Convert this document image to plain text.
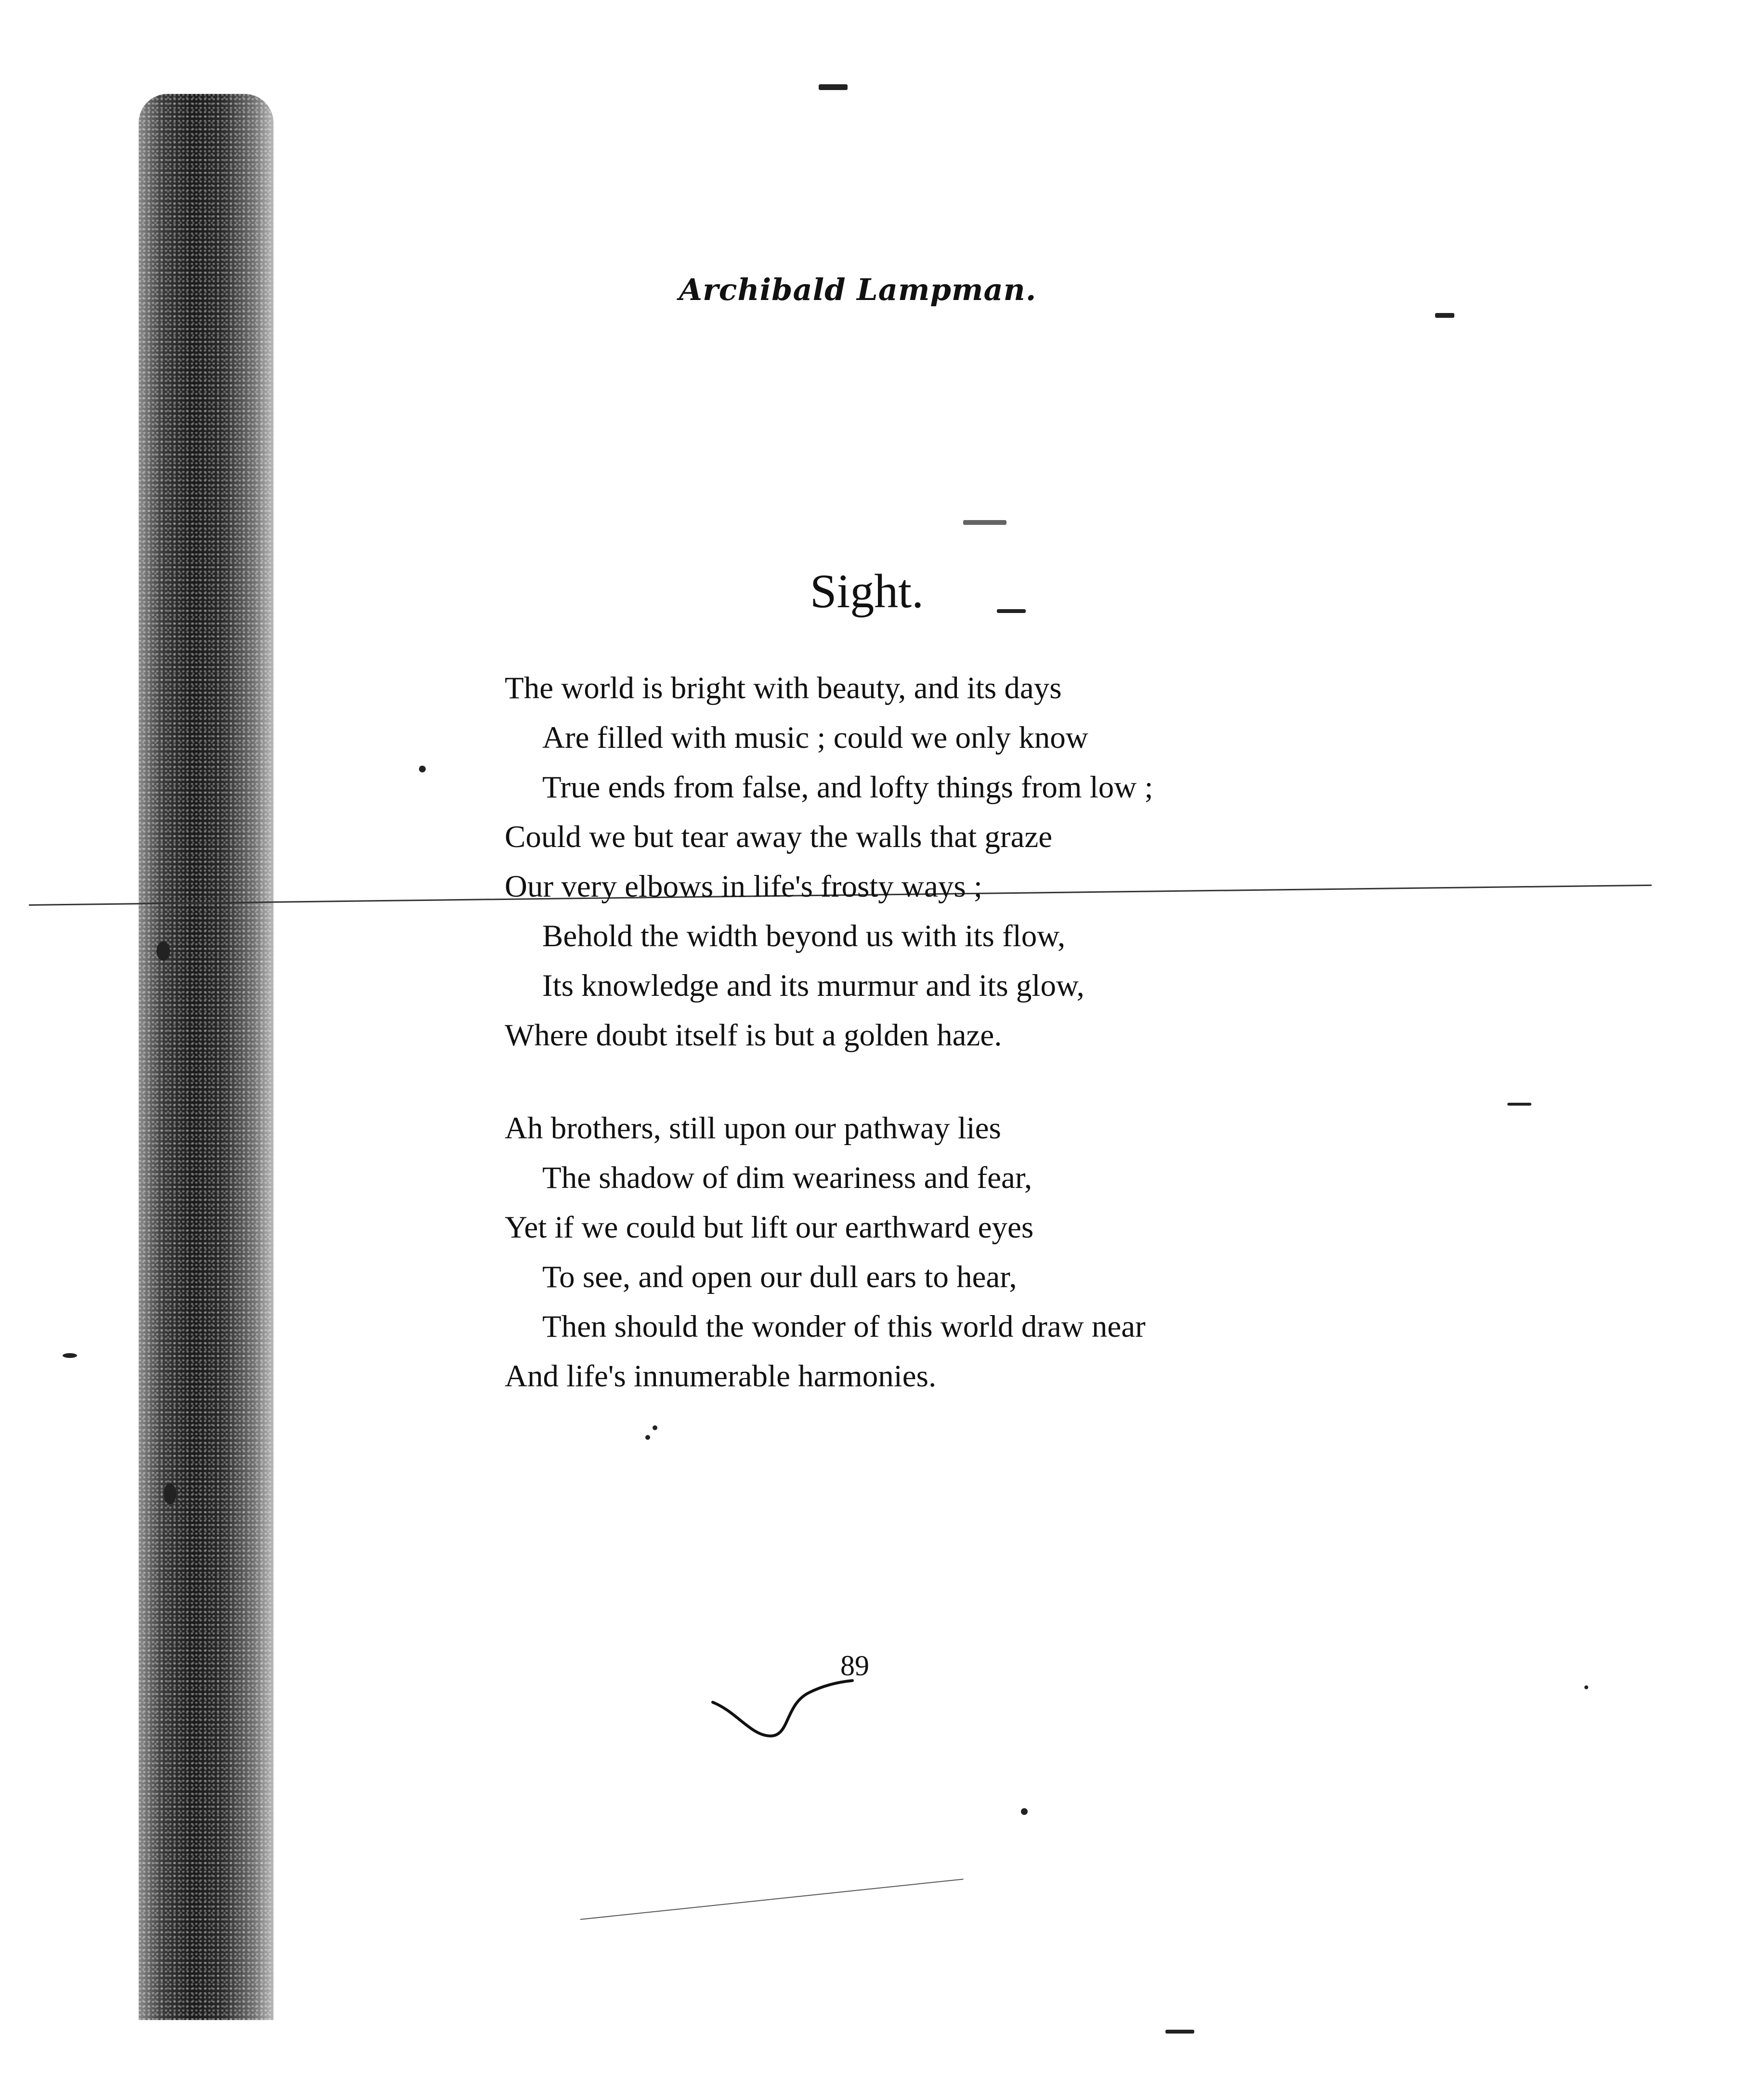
Archibald Lampman.
Sight.
The world is bright with beauty, and its days
Are filled with music ; could we only know
True ends from false, and lofty things from low ;
Could we but tear away the walls that graze
Our very elbows in life's frosty ways ;
Behold the width beyond us with its flow,
Its knowledge and its murmur and its glow,
Where doubt itself is but a golden haze.
Ah brothers, still upon our pathway lies
The shadow of dim weariness and fear,
Yet if we could but lift our earthward eyes
To see, and open our dull ears to hear,
Then should the wonder of this world draw near
And life's innumerable harmonies.
89
